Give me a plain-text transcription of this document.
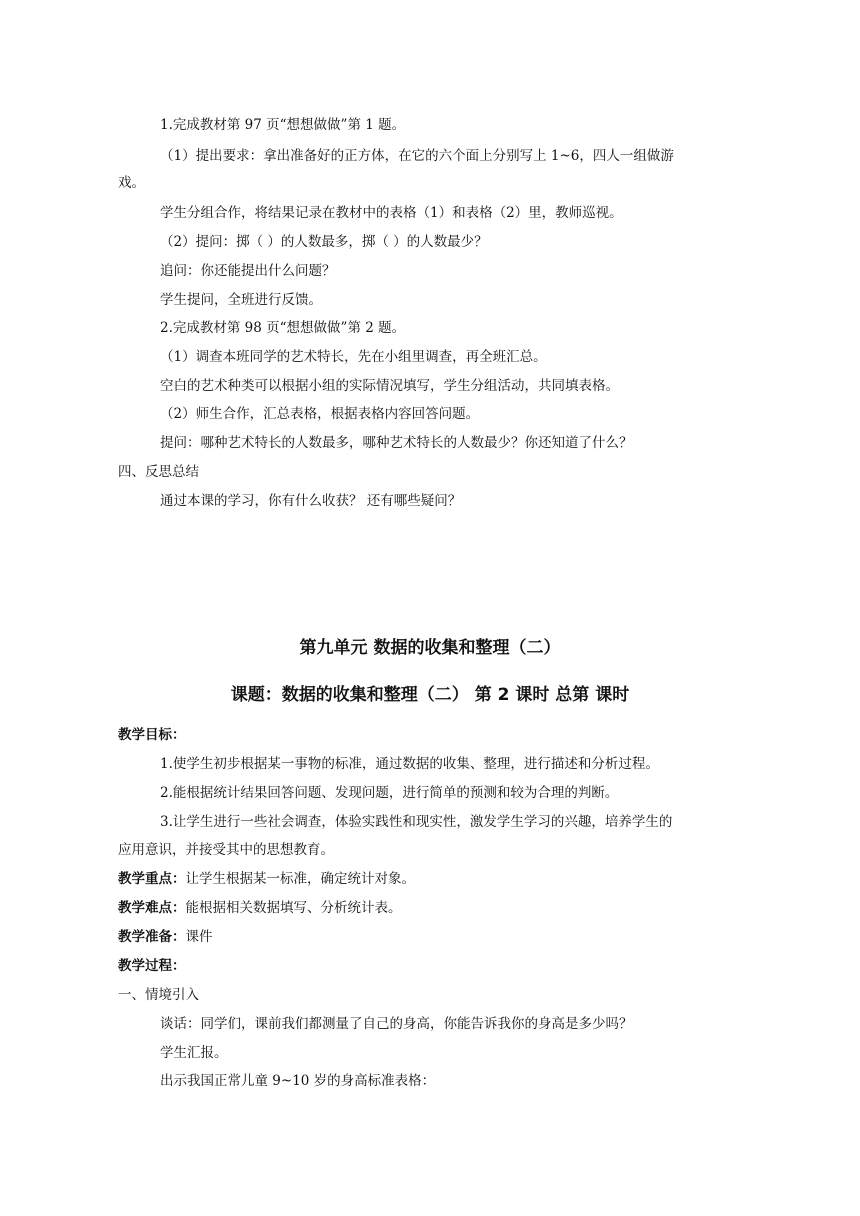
1.完成教材第 97 页“想想做做”第 1 题。
（1）提出要求：拿出准备好的正方体，在它的六个面上分别写上 1~6，四人一组做游
戏。
学生分组合作，将结果记录在教材中的表格（1）和表格（2）里，教师巡视。
（2）提问：掷（ ）的人数最多，掷（ ）的人数最少？
追问：你还能提出什么问题？
学生提问，全班进行反馈。
2.完成教材第 98 页“想想做做”第 2 题。
（1）调查本班同学的艺术特长，先在小组里调查，再全班汇总。
空白的艺术种类可以根据小组的实际情况填写，学生分组活动，共同填表格。
（2）师生合作，汇总表格，根据表格内容回答问题。
提问：哪种艺术特长的人数最多，哪种艺术特长的人数最少？你还知道了什么？
四、反思总结
通过本课的学习，你有什么收获？ 还有哪些疑问？
第九单元 数据的收集和整理（二）
课题：数据的收集和整理（二） 第 2 课时 总第 课时
教学目标：
1.使学生初步根据某一事物的标准，通过数据的收集、整理，进行描述和分析过程。
2.能根据统计结果回答问题、发现问题，进行简单的预测和较为合理的判断。
3.让学生进行一些社会调查，体验实践性和现实性，激发学生学习的兴趣，培养学生的
应用意识，并接受其中的思想教育。
教学重点：让学生根据某一标准，确定统计对象。
教学难点：能根据相关数据填写、分析统计表。
教学准备：课件
教学过程：
一、情境引入
谈话：同学们，课前我们都测量了自己的身高，你能告诉我你的身高是多少吗？
学生汇报。
出示我国正常儿童 9~10 岁的身高标准表格：
